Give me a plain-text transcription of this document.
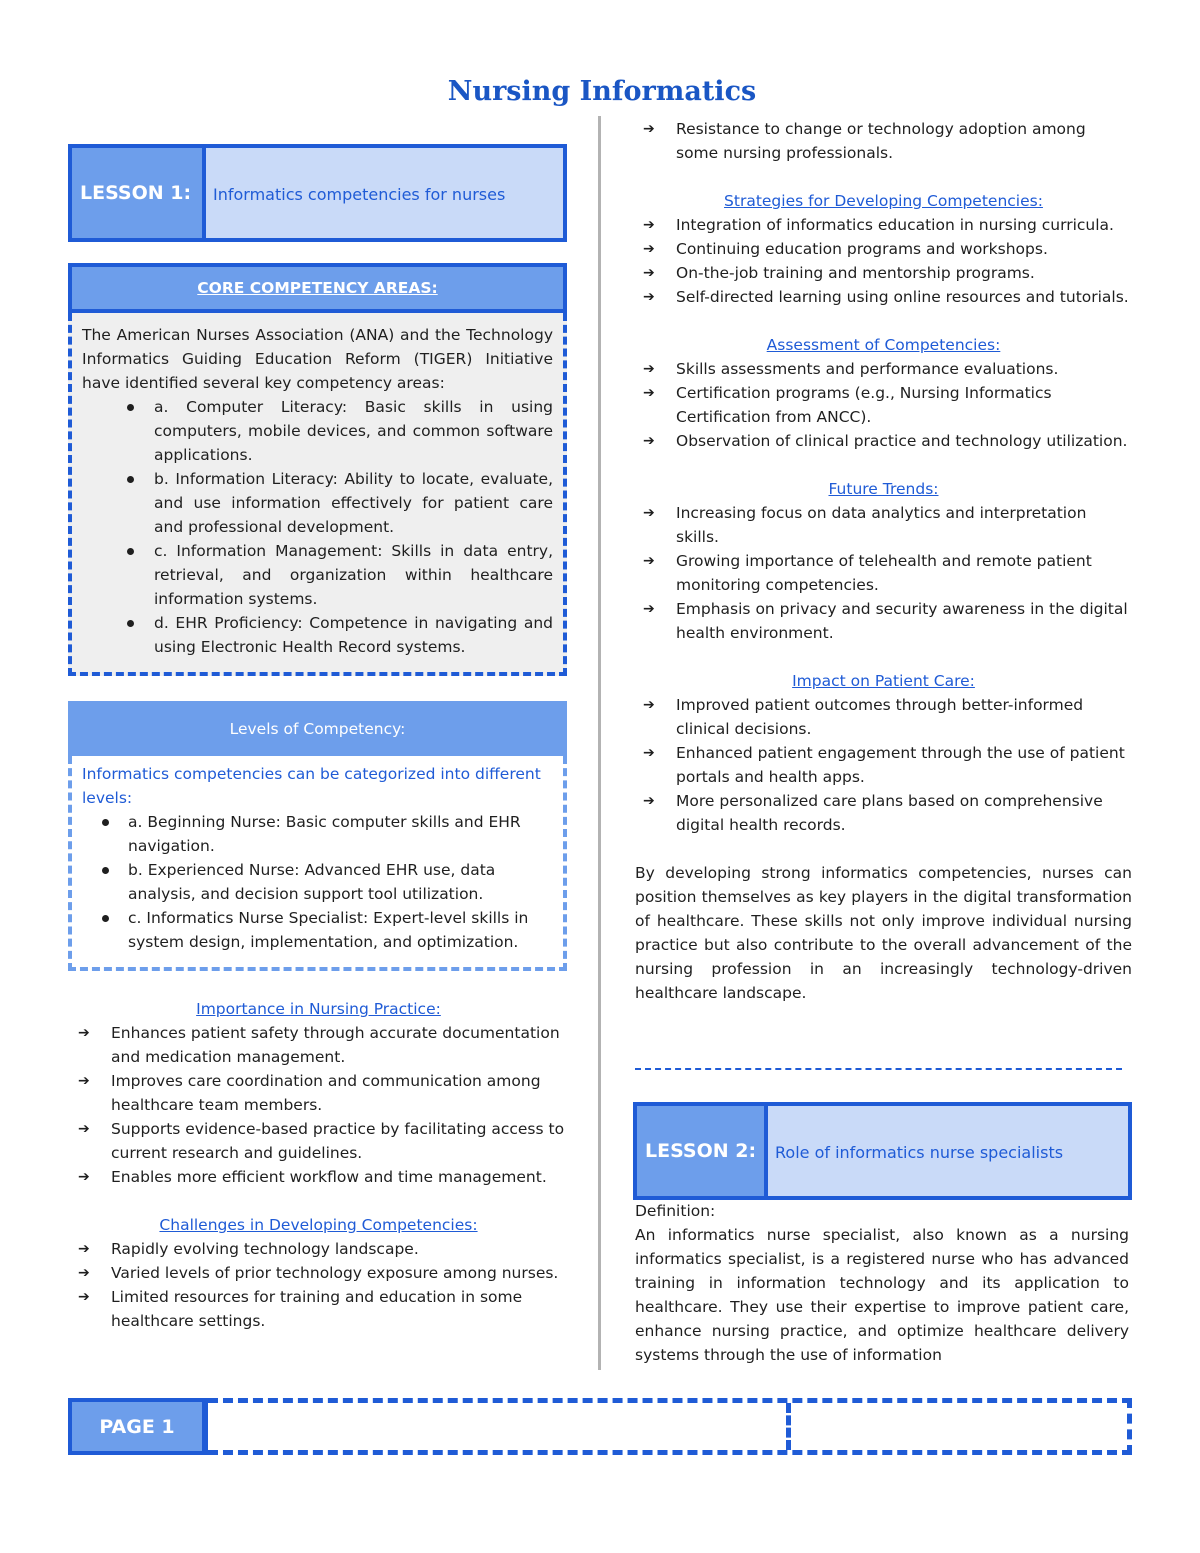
Nursing Informatics
LESSON 1:	Informatics competencies for nurses
CORE COMPETENCY AREAS:
The American Nurses Association (ANA) and the Technology Informatics Guiding Education Reform (TIGER) Initiative have identified several key competency areas:
a. Computer Literacy: Basic skills in using computers, mobile devices, and common software applications.
b. Information Literacy: Ability to locate, evaluate, and use information effectively for patient care and professional development.
c. Information Management: Skills in data entry, retrieval, and organization within healthcare information systems.
d. EHR Proficiency: Competence in navigating and using Electronic Health Record systems.
Levels of Competency:
Informatics competencies can be categorized into different levels:
a. Beginning Nurse: Basic computer skills and EHR navigation.
b. Experienced Nurse: Advanced EHR use, data analysis, and decision support tool utilization.
c. Informatics Nurse Specialist: Expert-level skills in system design, implementation, and optimization.
Importance in Nursing Practice:
➔ Enhances patient safety through accurate documentation and medication management.
➔ Improves care coordination and communication among healthcare team members.
➔ Supports evidence-based practice by facilitating access to current research and guidelines.
➔ Enables more efficient workflow and time management.
Challenges in Developing Competencies:
➔ Rapidly evolving technology landscape.
➔ Varied levels of prior technology exposure among nurses.
➔ Limited resources for training and education in some healthcare settings.
➔ Resistance to change or technology adoption among some nursing professionals.
Strategies for Developing Competencies:
➔ Integration of informatics education in nursing curricula.
➔ Continuing education programs and workshops.
➔ On-the-job training and mentorship programs.
➔ Self-directed learning using online resources and tutorials.
Assessment of Competencies:
➔ Skills assessments and performance evaluations.
➔ Certification programs (e.g., Nursing Informatics Certification from ANCC).
➔ Observation of clinical practice and technology utilization.
Future Trends:
➔ Increasing focus on data analytics and interpretation skills.
➔ Growing importance of telehealth and remote patient monitoring competencies.
➔ Emphasis on privacy and security awareness in the digital health environment.
Impact on Patient Care:
➔ Improved patient outcomes through better-informed clinical decisions.
➔ Enhanced patient engagement through the use of patient portals and health apps.
➔ More personalized care plans based on comprehensive digital health records.
By developing strong informatics competencies, nurses can position themselves as key players in the digital transformation of healthcare. These skills not only improve individual nursing practice but also contribute to the overall advancement of the nursing profession in an increasingly technology-driven healthcare landscape.
LESSON 2:	Role of informatics nurse specialists
Definition:
An informatics nurse specialist, also known as a nursing informatics specialist, is a registered nurse who has advanced training in information technology and its application to healthcare. They use their expertise to improve patient care, enhance nursing practice, and optimize healthcare delivery systems through the use of information
PAGE 1
